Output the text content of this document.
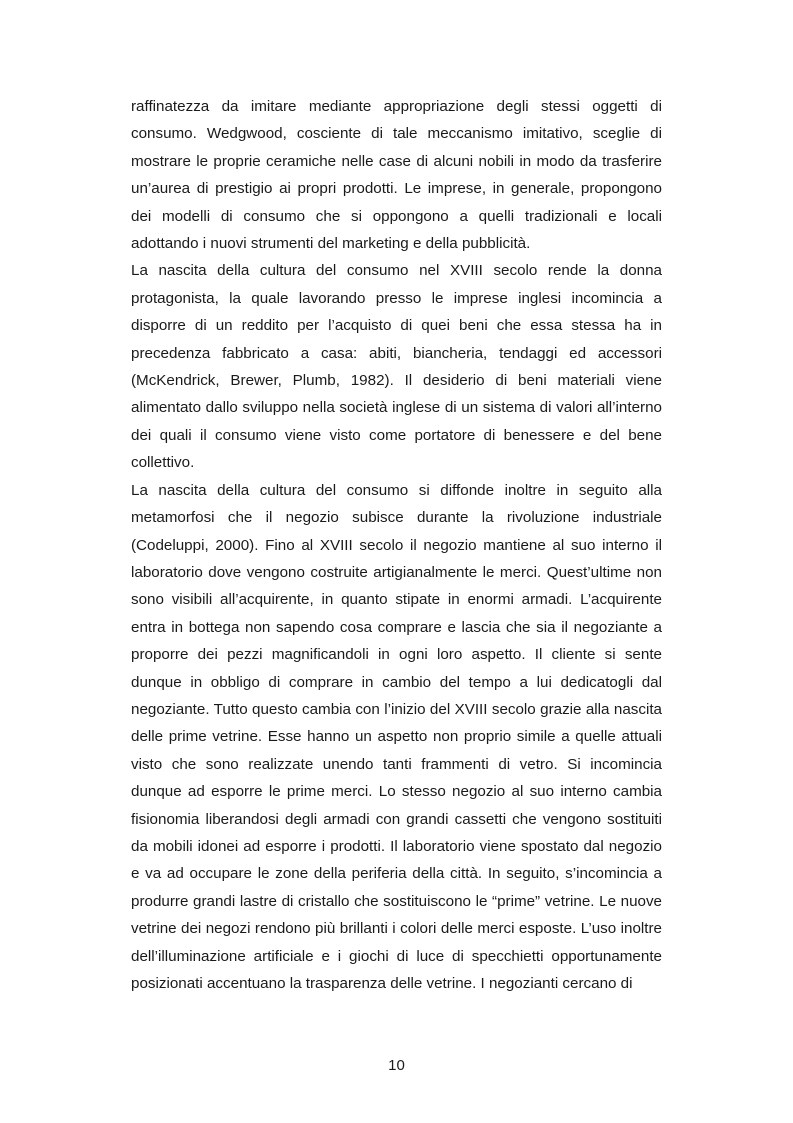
raffinatezza da imitare mediante appropriazione degli stessi oggetti di consumo. Wedgwood, cosciente di tale meccanismo imitativo, sceglie di mostrare le proprie ceramiche nelle case di alcuni nobili in modo da trasferire un’aurea di prestigio ai propri prodotti. Le imprese, in generale, propongono dei modelli di consumo che si oppongono a quelli tradizionali e locali adottando i nuovi strumenti del marketing e della pubblicità.

La nascita della cultura del consumo nel XVIII secolo rende la donna protagonista, la quale lavorando presso le imprese inglesi incomincia a disporre di un reddito per l’acquisto di quei beni che essa stessa ha in precedenza fabbricato a casa: abiti, biancheria, tendaggi ed accessori (McKendrick, Brewer, Plumb, 1982). Il desiderio di beni materiali viene alimentato dallo sviluppo nella società inglese di un sistema di valori all’interno dei quali il consumo viene visto come portatore di benessere e del bene collettivo.

La nascita della cultura del consumo si diffonde inoltre in seguito alla metamorfosi che il negozio subisce durante la rivoluzione industriale (Codeluppi, 2000). Fino al XVIII secolo il negozio mantiene al suo interno il laboratorio dove vengono costruite artigianalmente le merci. Quest’ultime non sono visibili all’acquirente, in quanto stipate in enormi armadi. L’acquirente entra in bottega non sapendo cosa comprare e lascia che sia il negoziante a proporre dei pezzi magnificandoli in ogni loro aspetto. Il cliente si sente dunque in obbligo di comprare in cambio del tempo a lui dedicatogli dal negoziante. Tutto questo cambia con l’inizio del XVIII secolo grazie alla nascita delle prime vetrine. Esse hanno un aspetto non proprio simile a quelle attuali visto che sono realizzate unendo tanti frammenti di vetro. Si incomincia dunque ad esporre le prime merci. Lo stesso negozio al suo interno cambia fisionomia liberandosi degli armadi con grandi cassetti che vengono sostituiti da mobili idonei ad esporre i prodotti. Il laboratorio viene spostato dal negozio e va ad occupare le zone della periferia della città. In seguito, s’incomincia a produrre grandi lastre di cristallo che sostituiscono le “prime” vetrine. Le nuove vetrine dei negozi rendono più brillanti i colori delle merci esposte. L’uso inoltre dell’illuminazione artificiale e i giochi di luce di specchietti opportunamente posizionati accentuano la trasparenza delle vetrine. I negozianti cercano di

10
